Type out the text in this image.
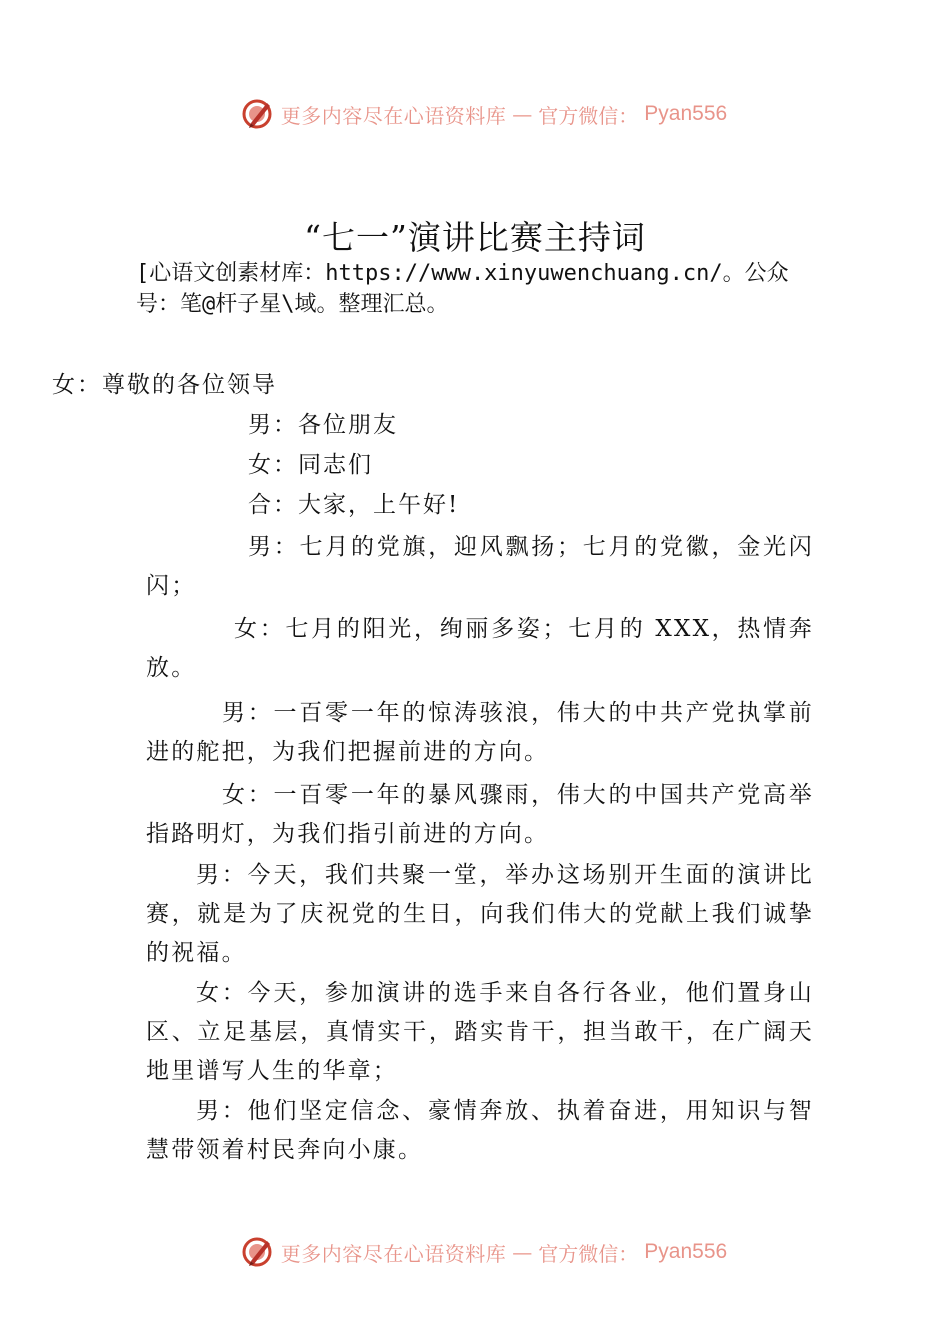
更多内容尽在心语资料库 — 官方微信： Pyan556
“七一”演讲比赛主持词
[心语文创素材库：https://www.xinyuwenchuang.cn/。公众号：笔@杆子星\域。整理汇总。
女：尊敬的各位领导
男：各位朋友
女：同志们
合：大家，上午好!
男：七月的党旗，迎风飘扬；七月的党徽，金光闪闪；
女：七月的阳光，绚丽多姿；七月的 XXX，热情奔放。
男：一百零一年的惊涛骇浪，伟大的中共产党执掌前进的舵把，为我们把握前进的方向。
女：一百零一年的暴风骤雨，伟大的中国共产党高举指路明灯，为我们指引前进的方向。
男：今天，我们共聚一堂，举办这场别开生面的演讲比赛，就是为了庆祝党的生日，向我们伟大的党献上我们诚挚的祝福。
女：今天，参加演讲的选手来自各行各业，他们置身山区、立足基层，真情实干，踏实肯干，担当敢干，在广阔天地里谱写人生的华章；
男：他们坚定信念、豪情奔放、执着奋进，用知识与智慧带领着村民奔向小康。
更多内容尽在心语资料库 — 官方微信： Pyan556
